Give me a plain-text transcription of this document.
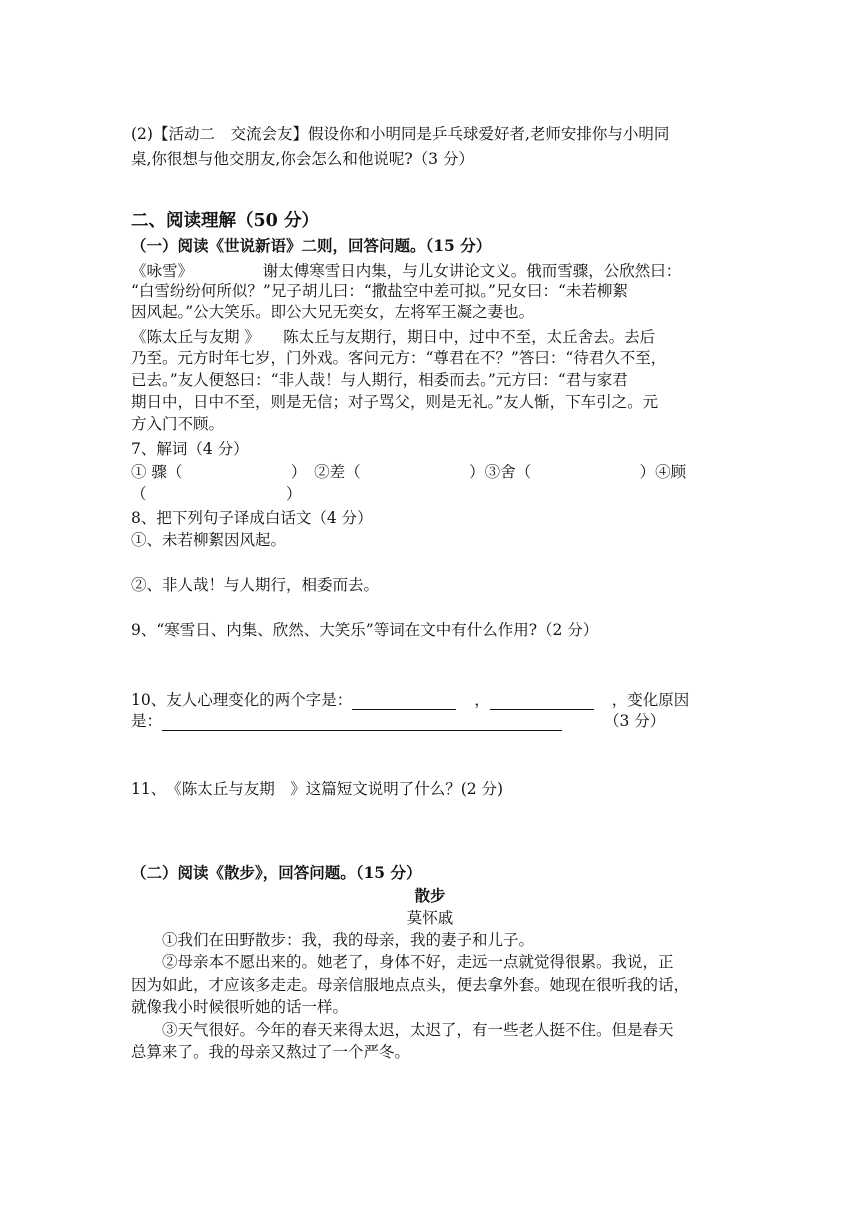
(2)【活动二　交流会友】假设你和小明同是乒乓球爱好者,老师安排你与小明同
桌,你很想与他交朋友,你会怎么和他说呢?（3 分）
二、阅读理解（50 分）
（一）阅读《世说新语》二则，回答问题。（15 分）
《咏雪》　　　　　谢太傅寒雪日内集，与儿女讲论文义。俄而雪骤，公欣然曰：
“白雪纷纷何所似？”兄子胡儿曰：“撒盐空中差可拟。”兄女曰：“未若柳絮
因风起。”公大笑乐。即公大兄无奕女，左将军王凝之妻也。
《陈太丘与友期 》　　陈太丘与友期行，期日中，过中不至，太丘舍去。去后
乃至。元方时年七岁，门外戏。客问元方：“尊君在不？”答曰：“待君久不至，
已去。”友人便怒曰：“非人哉！与人期行，相委而去。”元方曰：“君与家君
期日中，日中不至，则是无信；对子骂父，则是无礼。”友人惭，下车引之。元
方入门不顾。
7、解词（4 分）
① 骤（　　　　　　　）　②差（　　　　　　　）③舍（　　　　　　　）④顾
（　　　　　　　　　）
8、把下列句子译成白话文（4 分）
①、未若柳絮因风起。
②、非人哉！与人期行，相委而去。
9、“寒雪日、内集、欣然、大笑乐”等词在文中有什么作用?（2 分）
10、友人心理变化的两个字是：	，	，变化原因
是：	（3 分）
11、　《陈太丘与友期　》这篇短文说明了什么？(2 分)
（二）阅读《散步》，回答问题。（15 分）
散步
莫怀戚
①我们在田野散步：我，我的母亲，我的妻子和儿子。
②母亲本不愿出来的。她老了，身体不好，走远一点就觉得很累。我说，正
因为如此，才应该多走走。母亲信服地点点头，便去拿外套。她现在很听我的话，
就像我小时候很听她的话一样。
③天气很好。今年的春天来得太迟，太迟了，有一些老人挺不住。但是春天
总算来了。我的母亲又熬过了一个严冬。
